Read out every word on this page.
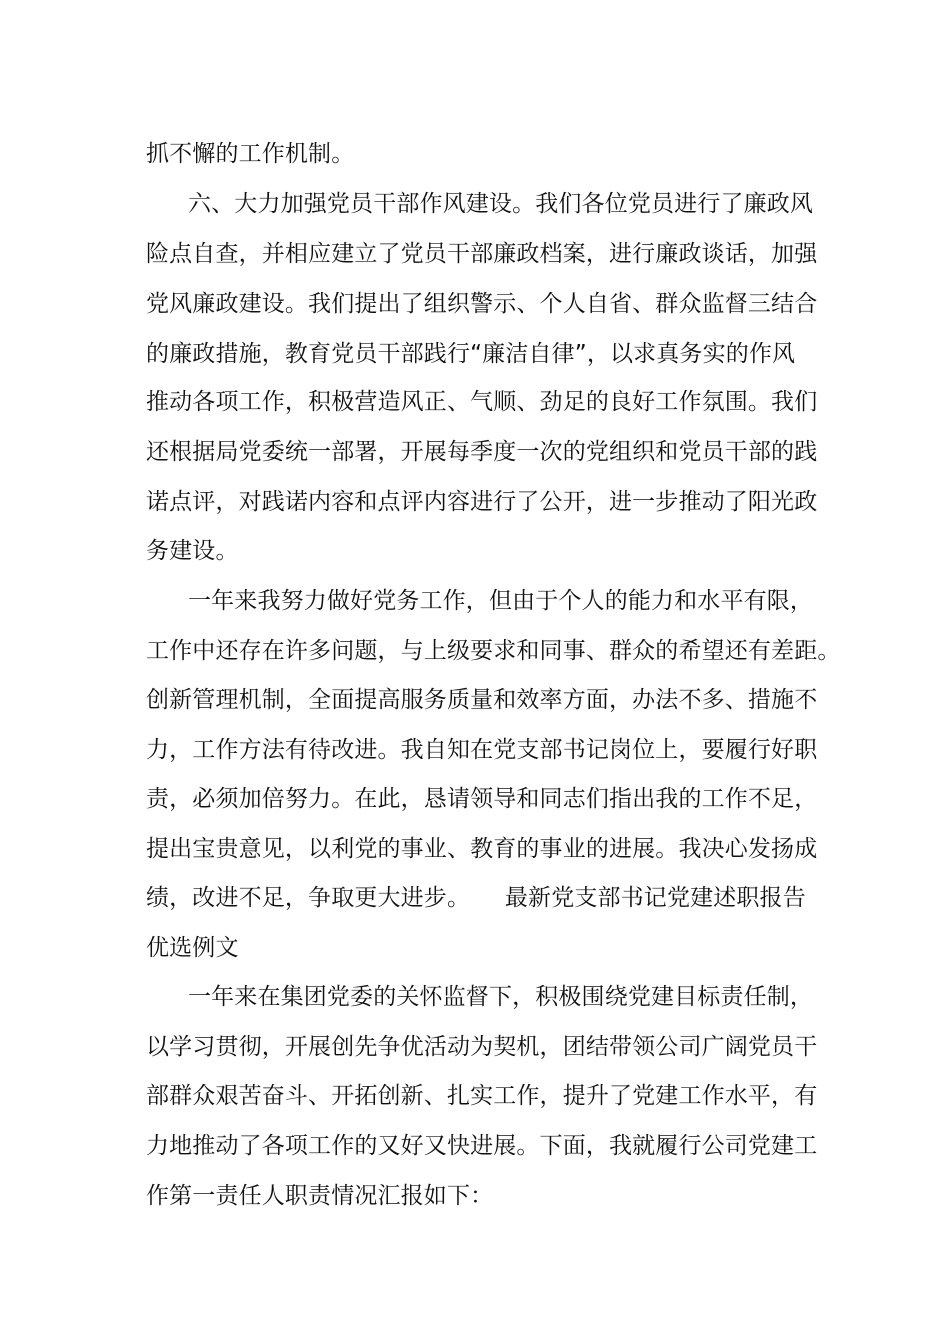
抓不懈的工作机制。
六、大力加强党员干部作风建设。我们各位党员进行了廉政风
险点自查，并相应建立了党员干部廉政档案，进行廉政谈话，加强
党风廉政建设。我们提出了组织警示、个人自省、群众监督三结合
的廉政措施，教育党员干部践行“廉洁自律”，以求真务实的作风
推动各项工作，积极营造风正、气顺、劲足的良好工作氛围。我们
还根据局党委统一部署，开展每季度一次的党组织和党员干部的践
诺点评，对践诺内容和点评内容进行了公开，进一步推动了阳光政
务建设。
一年来我努力做好党务工作，但由于个人的能力和水平有限，
工作中还存在许多问题，与上级要求和同事、群众的希望还有差距。
创新管理机制，全面提高服务质量和效率方面，办法不多、措施不
力，工作方法有待改进。我自知在党支部书记岗位上，要履行好职
责，必须加倍努力。在此，恳请领导和同志们指出我的工作不足，
提出宝贵意见，以利党的事业、教育的事业的进展。我决心发扬成
绩，改进不足，争取更大进步。　　最新党支部书记党建述职报告
优选例文
一年来在集团党委的关怀监督下，积极围绕党建目标责任制，
以学习贯彻，开展创先争优活动为契机，团结带领公司广阔党员干
部群众艰苦奋斗、开拓创新、扎实工作，提升了党建工作水平，有
力地推动了各项工作的又好又快进展。下面，我就履行公司党建工
作第一责任人职责情况汇报如下：
